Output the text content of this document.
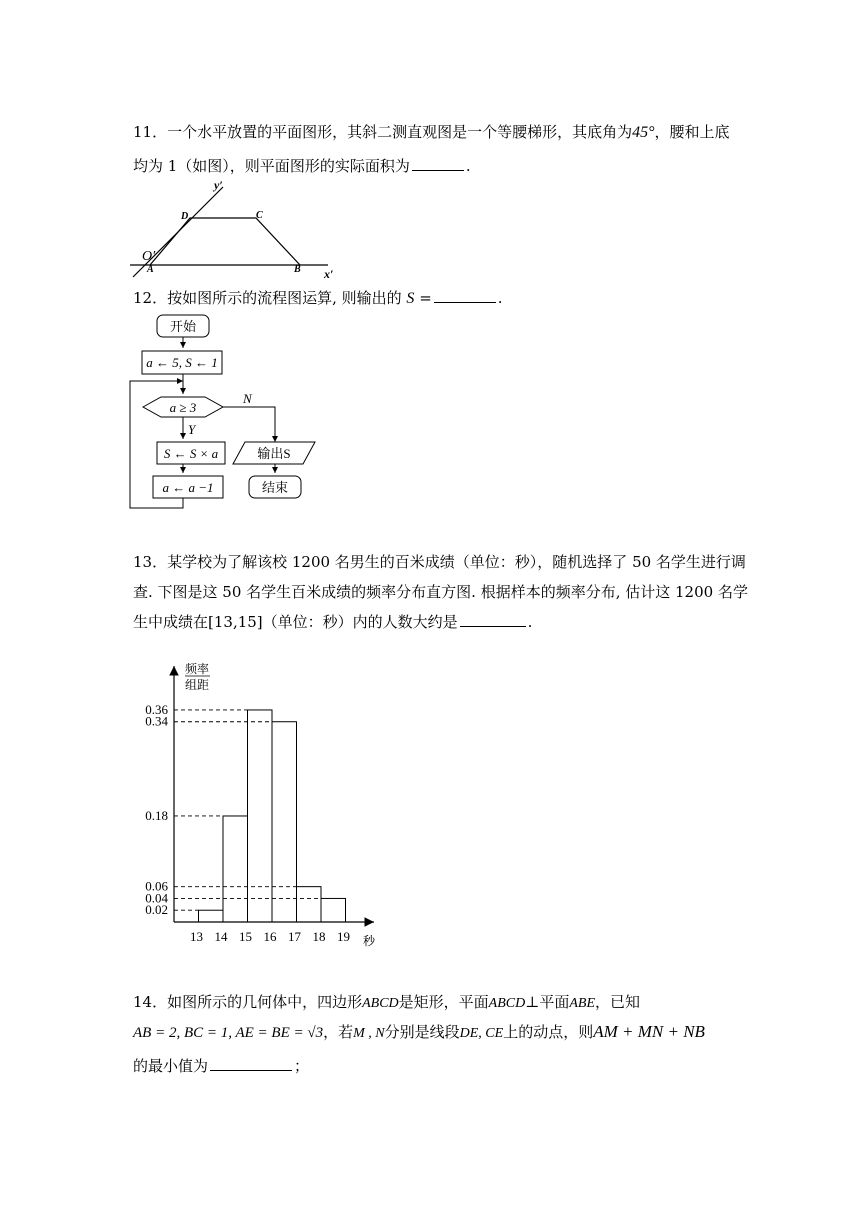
11．一个水平放置的平面图形，其斜二测直观图是一个等腰梯形，其底角为45°，腰和上底
均为 1（如图），则平面图形的实际面积为	.
y′
x′
O′
A	B
C
D
12．按如图所示的流程图运算, 则输出的 S =	.
开始
a ← 5, S ← 1
a ≥ 3
N
Y
S ← S × a
a ← a −1
输出S
结束
13．某学校为了解该校 1200 名男生的百米成绩（单位：秒），随机选择了 50 名学生进行调
查. 下图是这 50 名学生百米成绩的频率分布直方图. 根据样本的频率分布, 估计这 1200 名学
生中成绩在[13,15]（单位：秒）内的人数大约是	.
频率
组距
秒
0.36
0.34
0.18
0.06
0.04
0.02
13 14 15 16 17 18 19
14．如图所示的几何体中，四边形ABCD是矩形，平面ABCD⊥平面ABE，已知
AB = 2, BC = 1, AE = BE = √3，若M , N分别是线段DE, CE上的动点，则AM + MN + NB
的最小值为	；
